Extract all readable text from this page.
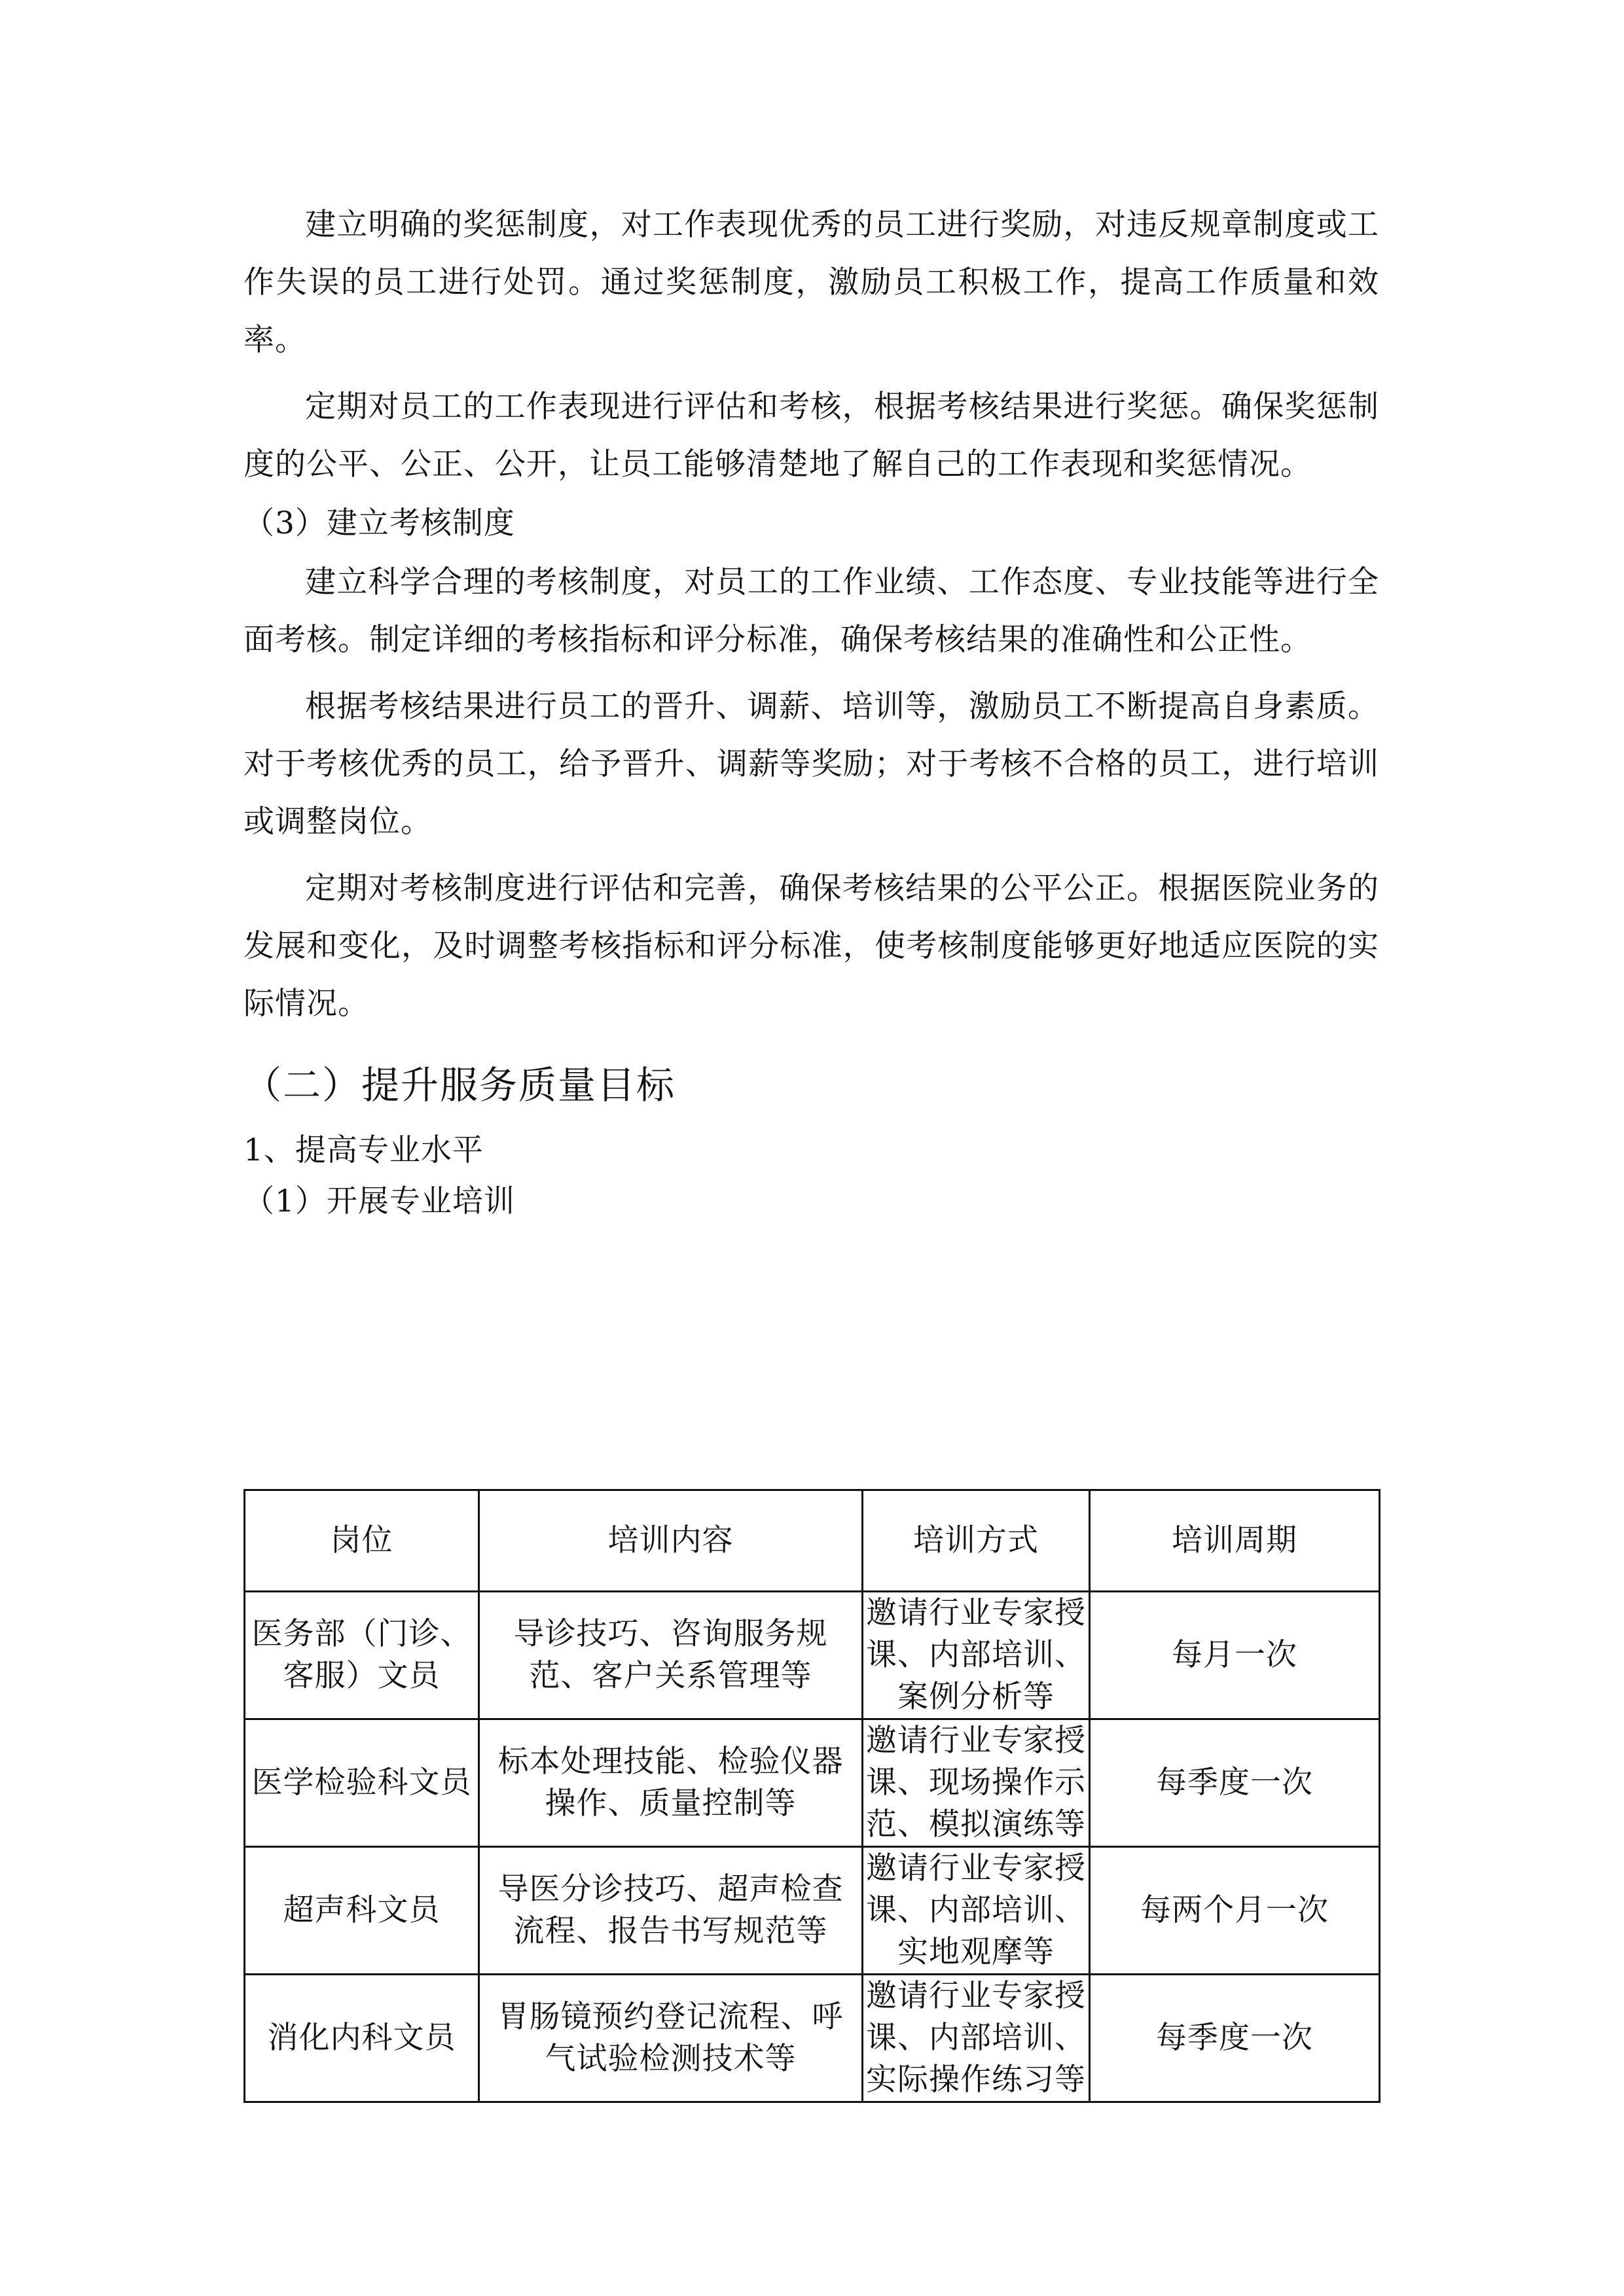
建立明确的奖惩制度，对工作表现优秀的员工进行奖励，对违反规章制度或工作失误的员工进行处罚。通过奖惩制度，激励员工积极工作，提高工作质量和效率。

定期对员工的工作表现进行评估和考核，根据考核结果进行奖惩。确保奖惩制度的公平、公正、公开，让员工能够清楚地了解自己的工作表现和奖惩情况。

（3）建立考核制度

建立科学合理的考核制度，对员工的工作业绩、工作态度、专业技能等进行全面考核。制定详细的考核指标和评分标准，确保考核结果的准确性和公正性。

根据考核结果进行员工的晋升、调薪、培训等，激励员工不断提高自身素质。对于考核优秀的员工，给予晋升、调薪等奖励；对于考核不合格的员工，进行培训或调整岗位。

定期对考核制度进行评估和完善，确保考核结果的公平公正。根据医院业务的发展和变化，及时调整考核指标和评分标准，使考核制度能够更好地适应医院的实际情况。

（二）提升服务质量目标

1、提高专业水平

（1）开展专业培训

岗位	培训内容	培训方式	培训周期
医务部（门诊、客服）文员	导诊技巧、咨询服务规范、客户关系管理等	邀请行业专家授课、内部培训、案例分析等	每月一次
医学检验科文员	标本处理技能、检验仪器操作、质量控制等	邀请行业专家授课、现场操作示范、模拟演练等	每季度一次
超声科文员	导医分诊技巧、超声检查流程、报告书写规范等	邀请行业专家授课、内部培训、实地观摩等	每两个月一次
消化内科文员	胃肠镜预约登记流程、呼气试验检测技术等	邀请行业专家授课、内部培训、实际操作练习等	每季度一次
